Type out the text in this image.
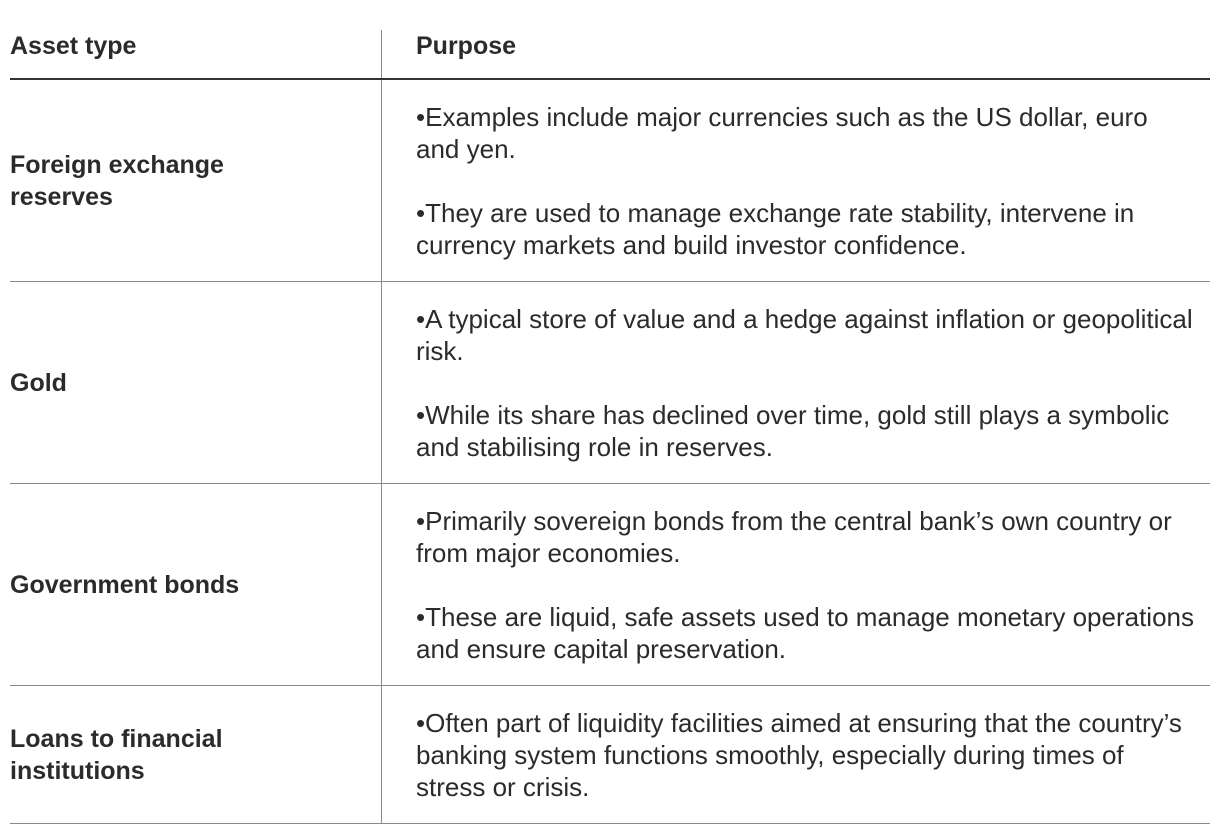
Asset type	Purpose
Foreign exchange reserves

•Examples include major currencies such as the US dollar, euro and yen.

•They are used to manage exchange rate stability, intervene in currency markets and build investor confidence.

Gold

•A typical store of value and a hedge against inflation or geopolitical risk.

•While its share has declined over time, gold still plays a symbolic and stabilising role in reserves.

Government bonds

•Primarily sovereign bonds from the central bank’s own country or from major economies.

•These are liquid, safe assets used to manage monetary operations and ensure capital preservation.

Loans to financial institutions

•Often part of liquidity facilities aimed at ensuring that the country’s banking system functions smoothly, especially during times of stress or crisis.
